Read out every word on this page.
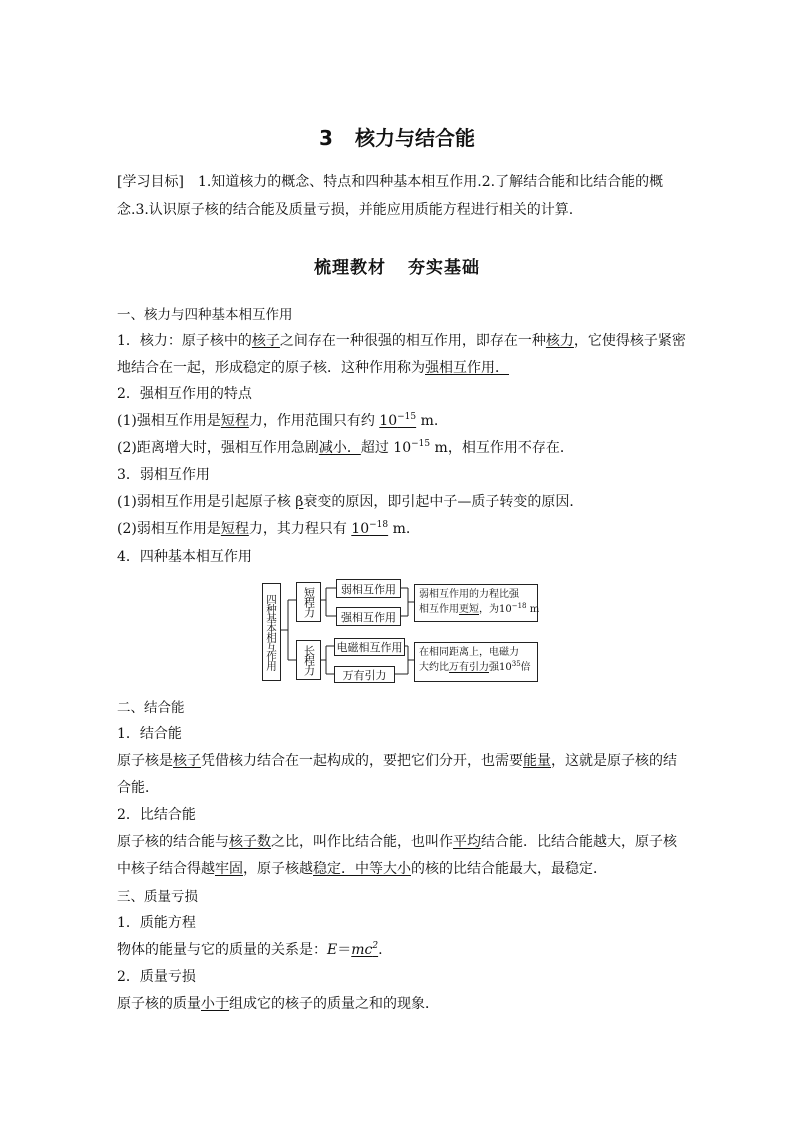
3 核力与结合能
[学习目标] 1.知道核力的概念、特点和四种基本相互作用.2.了解结合能和比结合能的概
念.3.认识原子核的结合能及质量亏损，并能应用质能方程进行相关的计算.
梳理教材 夯实基础
一、核力与四种基本相互作用
1．核力：原子核中的核子之间存在一种很强的相互作用，即存在一种核力，它使得核子紧密
地结合在一起，形成稳定的原子核．这种作用称为强相互作用．
2．强相互作用的特点
(1)强相互作用是短程力，作用范围只有约 $10^{-15}$ m.
(2)距离增大时，强相互作用急剧减小．超过 $10^{-15}$ m，相互作用不存在．
3．弱相互作用
(1)弱相互作用是引起原子核 β衰变的原因，即引起中子—质子转变的原因．
(2)弱相互作用是短程力，其力程只有 $10^{-18}$ m.
4．四种基本相互作用
四种基本相互作用	短程力
长程力
弱相互作用
强相互作用
电磁相互作用
万有引力
弱相互作用的力程比强
相互作用更短，为$10^{-18}$ m
在相同距离上，电磁力
大约比万有引力强$10^{35}$倍
二、结合能
1．结合能
原子核是核子凭借核力结合在一起构成的，要把它们分开，也需要能量，这就是原子核的结
合能．
2．比结合能
原子核的结合能与核子数之比，叫作比结合能，也叫作平均结合能．比结合能越大，原子核
中核子结合得越牢固，原子核越稳定．中等大小的核的比结合能最大，最稳定．
三、质量亏损
1．质能方程
物体的能量与它的质量的关系是：$E=mc^2$.
2．质量亏损
原子核的质量小于组成它的核子的质量之和的现象．
